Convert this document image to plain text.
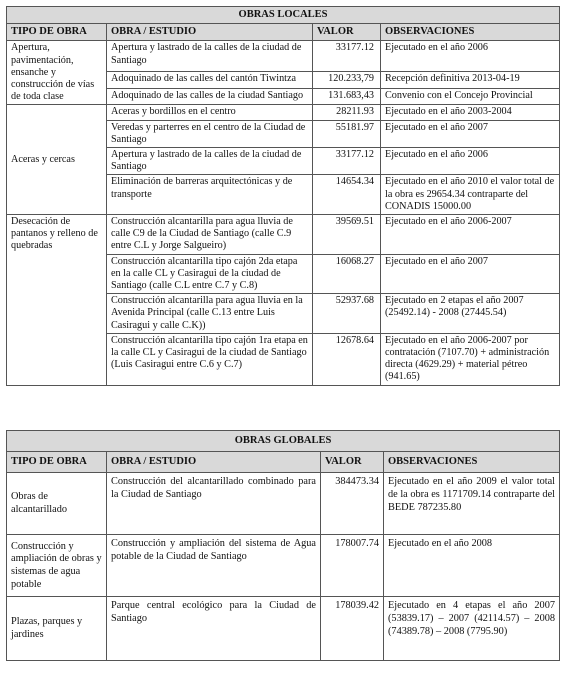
OBRAS LOCALES			
TIPO DE OBRA	OBRA / ESTUDIO	VALOR	OBSERVACIONES
Apertura, pavimentación, ensanche y construcción de vías de toda clase	Apertura y lastrado de la calles de la ciudad de Santiago	33177.12	Ejecutado en el año 2006
	Adoquinado de las calles del cantón Tiwintza	120.233,79	Recepción definitiva 2013-04-19
	Adoquinado de las calles de la ciudad Santiago	131.683,43	Convenio con el Concejo Provincial
Aceras y cercas	Aceras y bordillos en el centro	28211.93	Ejecutado en el año 2003-2004
	Veredas y parterres en el centro de la Ciudad de Santiago	55181.97	Ejecutado en el año 2007
	Apertura y lastrado de la calles de la ciudad de Santiago	33177.12	Ejecutado en el año 2006
	Eliminación de barreras arquitectónicas y de transporte	14654.34	Ejecutado en el año 2010 el valor total de la obra es 29654.34 contraparte del CONADIS 15000.00
Desecación de pantanos y relleno de quebradas	Construcción alcantarilla para agua lluvia de calle C9 de la Ciudad de Santiago (calle C.9 entre C.L y Jorge Salgueiro)	39569.51	Ejecutado en el año 2006-2007
	Construcción alcantarilla tipo cajón 2da etapa en la calle CL y Casiragui de la ciudad de Santiago (calle C.L entre C.7 y C.8)	16068.27	Ejecutado en el año 2007
	Construcción alcantarilla para agua lluvia en la Avenida Principal (calle C.13 entre Luis Casiragui y calle C.K))	52937.68	Ejecutado en 2 etapas el año 2007 (25492.14) - 2008 (27445.54)
	Construcción alcantarilla tipo cajón 1ra etapa en la calle CL y Casiragui de la ciudad de Santiago (Luis Casiragui entre C.6 y C.7)	12678.64	Ejecutado en el año 2006-2007 por contratación (7107.70) + administración directa (4629.29) + material pétreo (941.65)
OBRAS GLOBALES			
TIPO DE OBRA	OBRA / ESTUDIO	VALOR	OBSERVACIONES
Obras de alcantarillado	Construcción del alcantarillado combinado para la Ciudad de Santiago	384473.34	Ejecutado en el año 2009 el valor total de la obra es 1171709.14 contraparte del BEDE 787235.80
Construcción y ampliación de obras y sistemas de agua potable	Construcción y ampliación del sistema de Agua potable de la Ciudad de Santiago	178007.74	Ejecutado en el año 2008
Plazas, parques y jardines	Parque central ecológico para la Ciudad de Santiago	178039.42	Ejecutado en 4 etapas el año 2007 (53839.17) – 2007 (42114.57) – 2008 (74389.78) – 2008 (7795.90)
